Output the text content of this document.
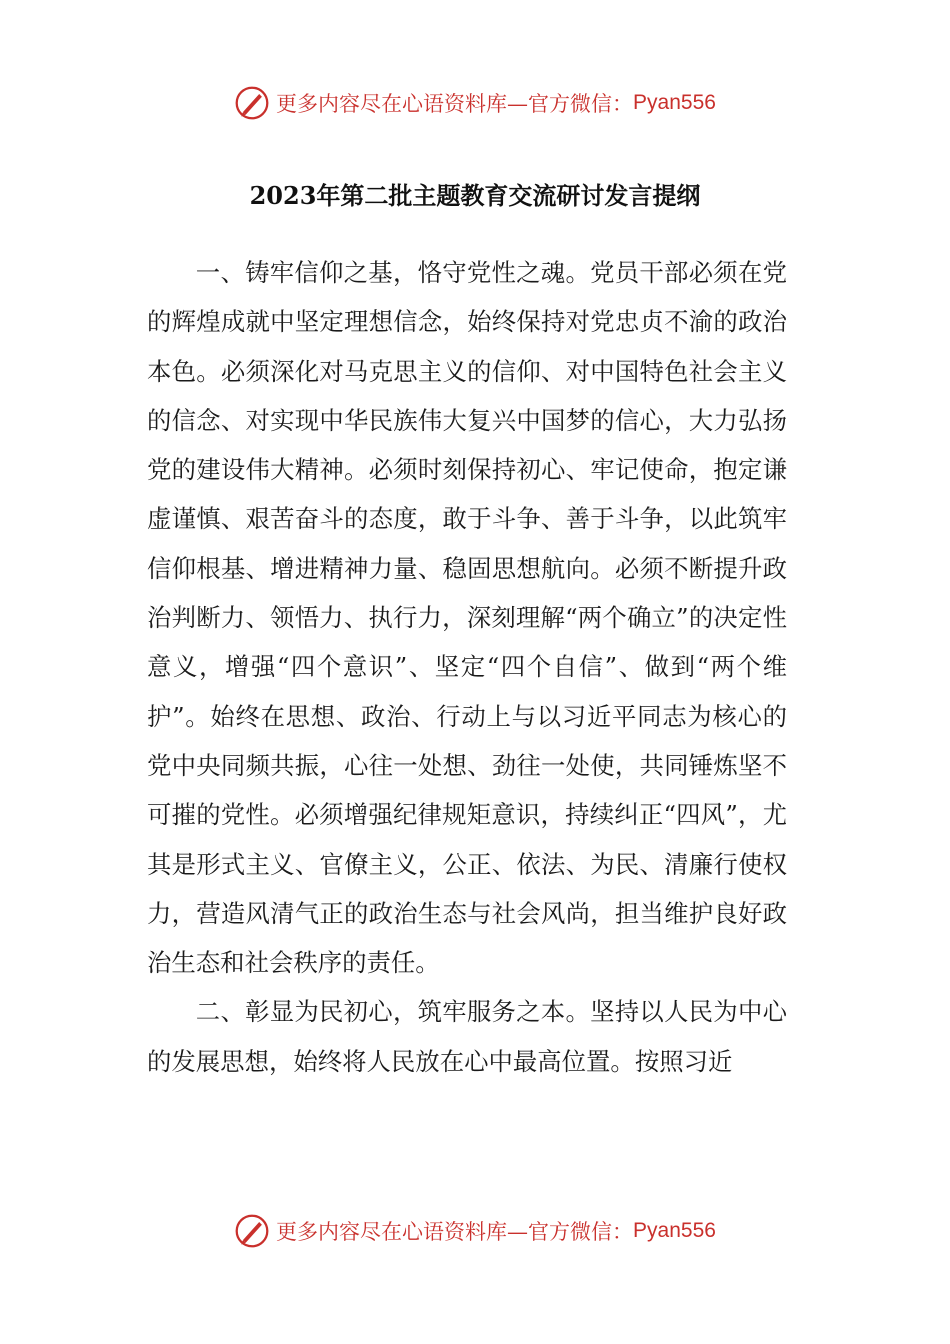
更多内容尽在心语资料库—官方微信： Pyan556
2023年第二批主题教育交流研讨发言提纲

一、铸牢信仰之基，恪守党性之魂。党员干部必须在党的辉煌成就中坚定理想信念，始终保持对党忠贞不渝的政治本色。必须深化对马克思主义的信仰、对中国特色社会主义的信念、对实现中华民族伟大复兴中国梦的信心，大力弘扬党的建设伟大精神。必须时刻保持初心、牢记使命，抱定谦虚谨慎、艰苦奋斗的态度，敢于斗争、善于斗争，以此筑牢信仰根基、增进精神力量、稳固思想航向。必须不断提升政治判断力、领悟力、执行力，深刻理解“两个确立”的决定性意义，增强“四个意识”、坚定“四个自信”、做到“两个维护”。始终在思想、政治、行动上与以习近平同志为核心的党中央同频共振，心往一处想、劲往一处使，共同锤炼坚不可摧的党性。必须增强纪律规矩意识，持续纠正“四风”，尤其是形式主义、官僚主义，公正、依法、为民、清廉行使权力，营造风清气正的政治生态与社会风尚，担当维护良好政治生态和社会秩序的责任。

二、彰显为民初心，筑牢服务之本。坚持以人民为中心的发展思想，始终将人民放在心中最高位置。按照习近

更多内容尽在心语资料库—官方微信： Pyan556
